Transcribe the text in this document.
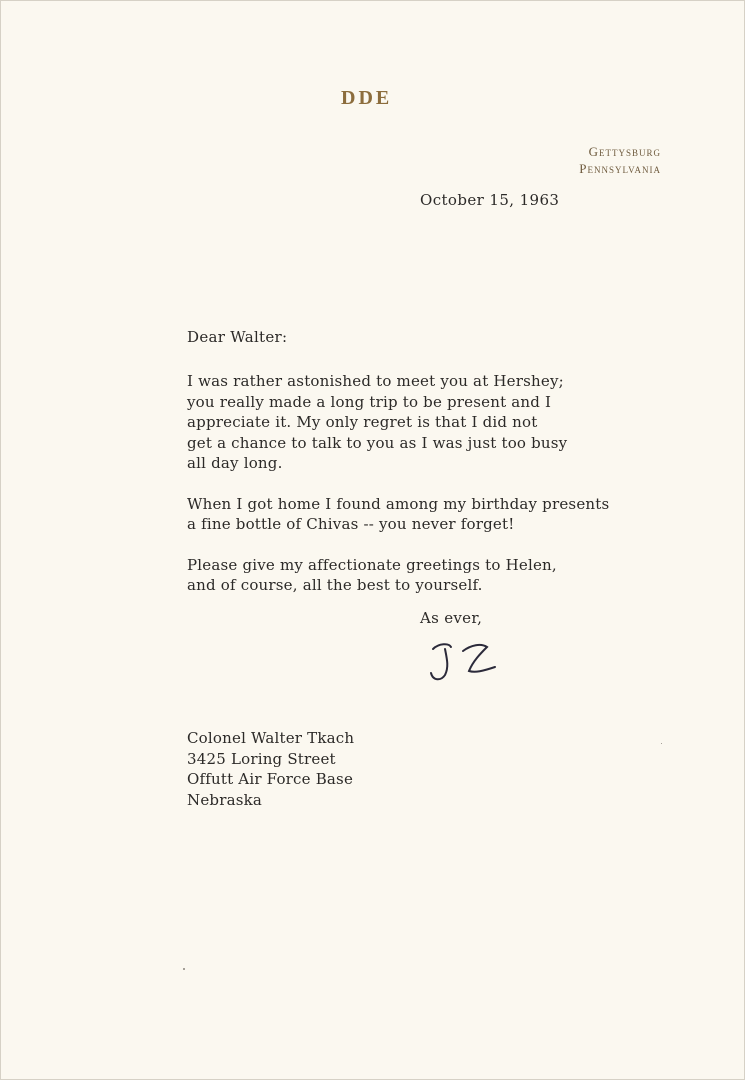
DDE
Gettysburg
Pennsylvania
October 15, 1963
Dear Walter:
I was rather astonished to meet you at Hershey;
you really made a long trip to be present and I
appreciate it. My only regret is that I did not
get a chance to talk to you as I was just too busy
all day long.
When I got home I found among my birthday presents
a fine bottle of Chivas -- you never forget!
Please give my affectionate greetings to Helen,
and of course, all the best to yourself.
As ever,
Colonel Walter Tkach
3425 Loring Street
Offutt Air Force Base
Nebraska
